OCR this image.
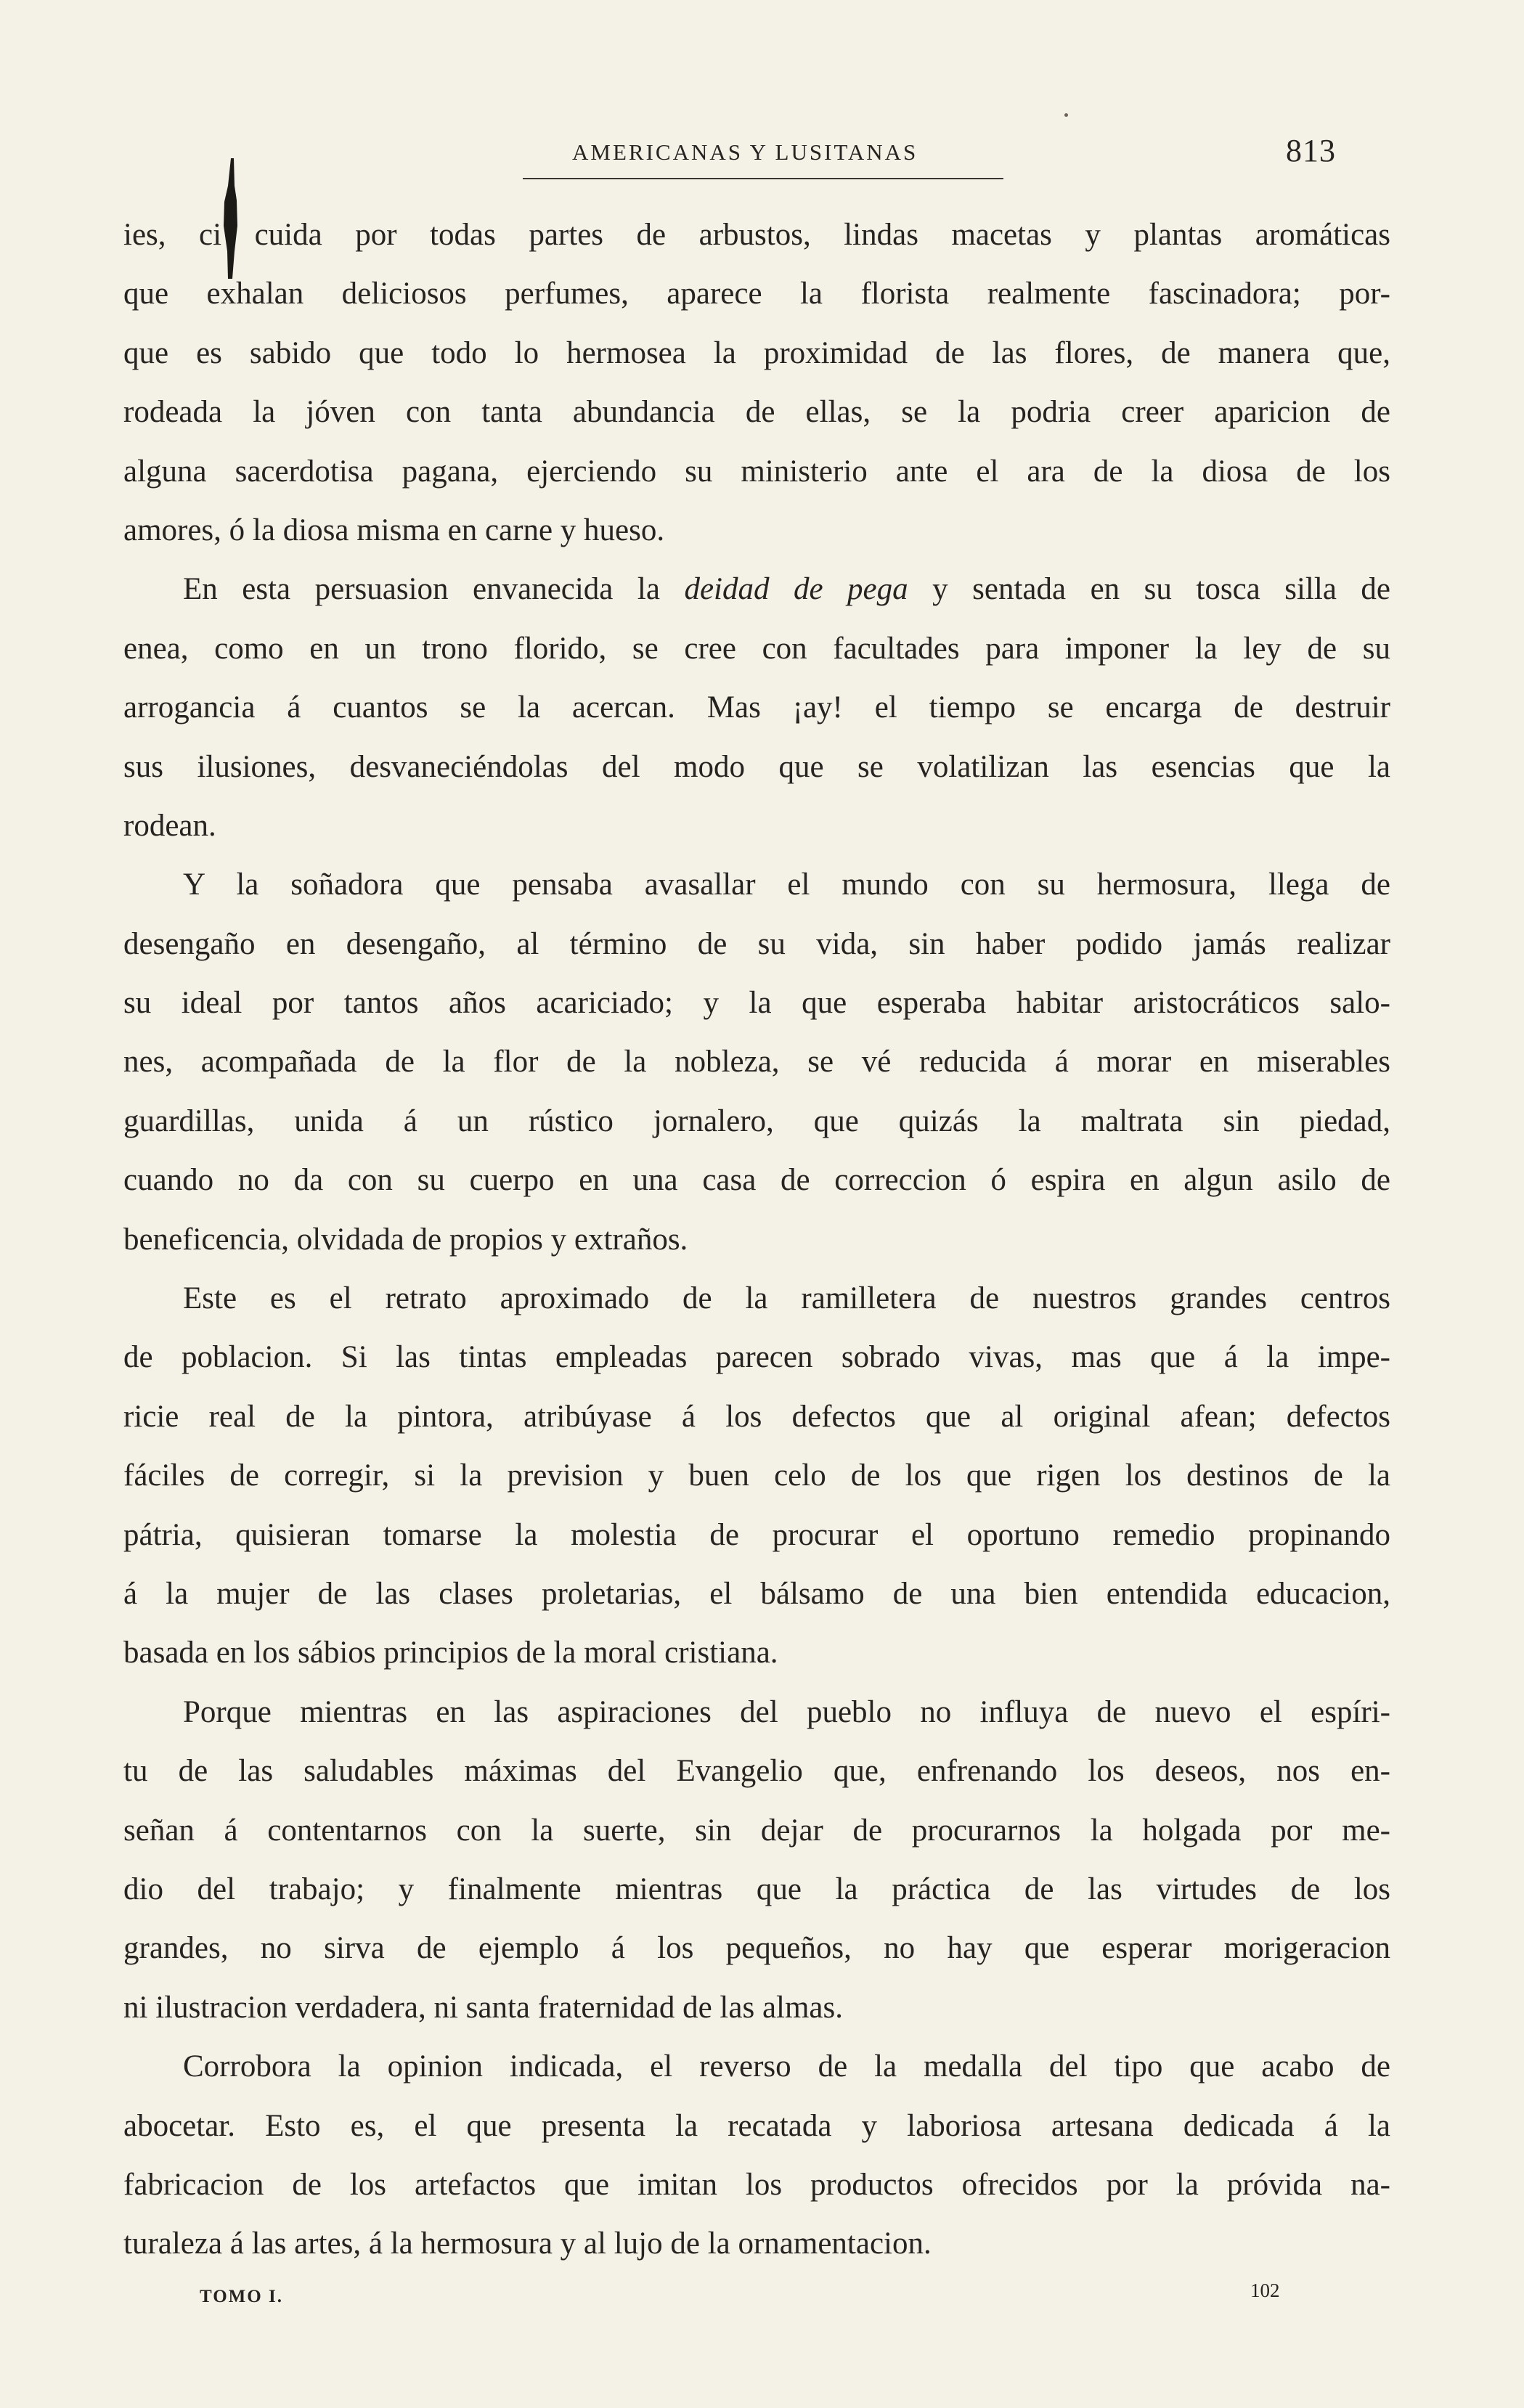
AMERICANAS Y LUSITANAS	813
ies, ci cuida por todas partes de arbustos, lindas macetas y plantas aromáticas
que exhalan deliciosos perfumes, aparece la florista realmente fascinadora; por-
que es sabido que todo lo hermosea la proximidad de las flores, de manera que,
rodeada la jóven con tanta abundancia de ellas, se la podria creer aparicion de
alguna sacerdotisa pagana, ejerciendo su ministerio ante el ara de la diosa de los
amores, ó la diosa misma en carne y hueso.
En esta persuasion envanecida la deidad de pega y sentada en su tosca silla de
enea, como en un trono florido, se cree con facultades para imponer la ley de su
arrogancia á cuantos se la acercan. Mas ¡ay! el tiempo se encarga de destruir
sus ilusiones, desvaneciéndolas del modo que se volatilizan las esencias que la
rodean.
Y la soñadora que pensaba avasallar el mundo con su hermosura, llega de
desengaño en desengaño, al término de su vida, sin haber podido jamás realizar
su ideal por tantos años acariciado; y la que esperaba habitar aristocráticos salo-
nes, acompañada de la flor de la nobleza, se vé reducida á morar en miserables
guardillas, unida á un rústico jornalero, que quizás la maltrata sin piedad,
cuando no da con su cuerpo en una casa de correccion ó espira en algun asilo de
beneficencia, olvidada de propios y extraños.
Este es el retrato aproximado de la ramilletera de nuestros grandes centros
de poblacion. Si las tintas empleadas parecen sobrado vivas, mas que á la impe-
ricie real de la pintora, atribúyase á los defectos que al original afean; defectos
fáciles de corregir, si la prevision y buen celo de los que rigen los destinos de la
pátria, quisieran tomarse la molestia de procurar el oportuno remedio propinando
á la mujer de las clases proletarias, el bálsamo de una bien entendida educacion,
basada en los sábios principios de la moral cristiana.
Porque mientras en las aspiraciones del pueblo no influya de nuevo el espíri-
tu de las saludables máximas del Evangelio que, enfrenando los deseos, nos en-
señan á contentarnos con la suerte, sin dejar de procurarnos la holgada por me-
dio del trabajo; y finalmente mientras que la práctica de las virtudes de los
grandes, no sirva de ejemplo á los pequeños, no hay que esperar morigeracion
ni ilustracion verdadera, ni santa fraternidad de las almas.
Corrobora la opinion indicada, el reverso de la medalla del tipo que acabo de
abocetar. Esto es, el que presenta la recatada y laboriosa artesana dedicada á la
fabricacion de los artefactos que imitan los productos ofrecidos por la próvida na-
turaleza á las artes, á la hermosura y al lujo de la ornamentacion.
TOMO I.	102
